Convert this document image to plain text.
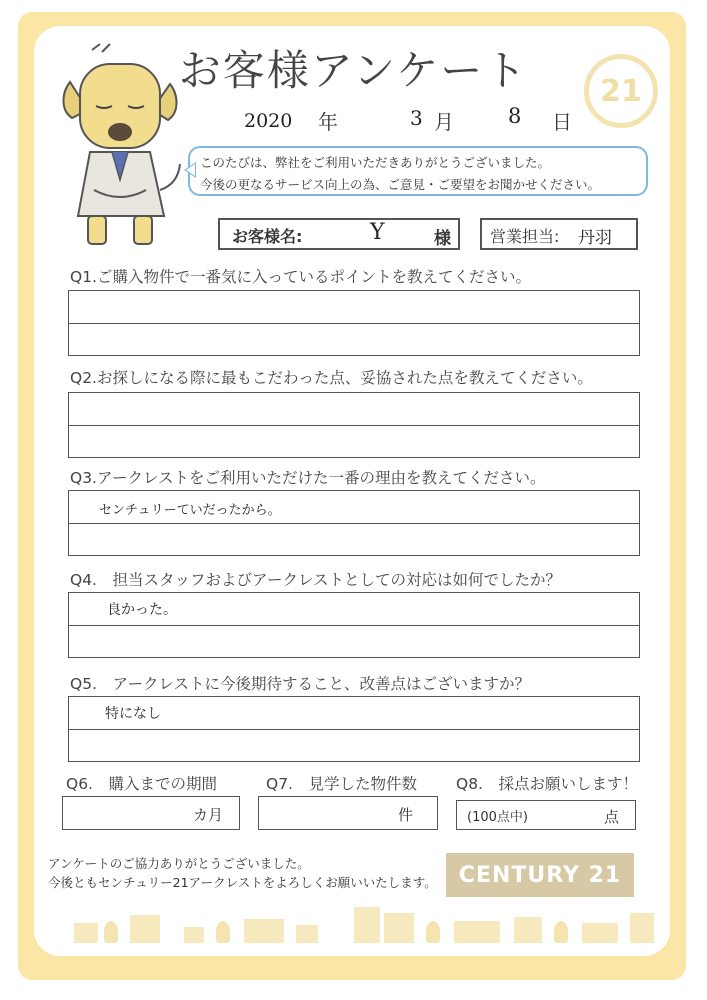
お客様アンケート	21
2020 年	3 月	8 日
このたびは、弊社をご利用いただきありがとうございました。
今後の更なるサービス向上の為、ご意見・ご要望をお聞かせください。
お客様名:	Y	様 営業担当: 丹羽
Q1.ご購入物件で一番気に入っているポイントを教えてください。
Q2.お探しになる際に最もこだわった点、妥協された点を教えてください。
Q3.アークレストをご利用いただけた一番の理由を教えてください。
センチュリーていだったから。
Q4.　担当スタッフおよびアークレストとしての対応は如何でしたか？
良かった。
Q5.　アークレストに今後期待すること、改善点はございますか？
特になし
Q6.　購入までの期間	Q7.　見学した物件数	Q8.　採点お願いします！
カ月	件	(100点中)	点
アンケートのご協力ありがとうございました。
今後ともセンチュリー21アークレストをよろしくお願いいたします。	CENTURY 21
